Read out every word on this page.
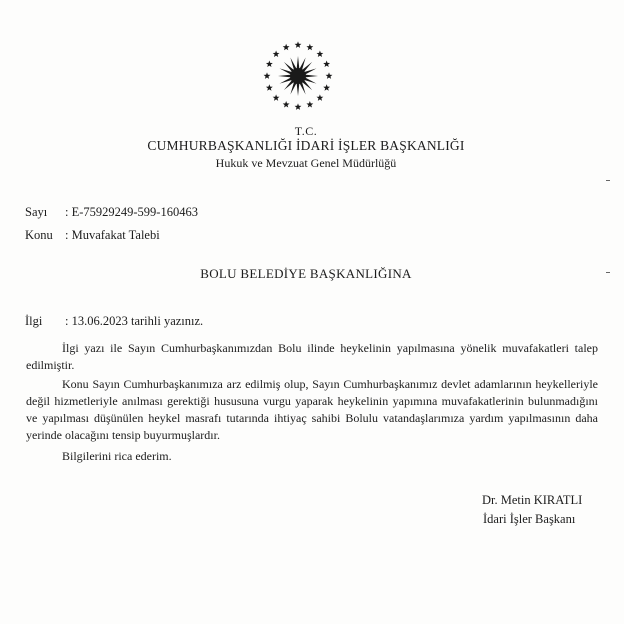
T.C.
CUMHURBAŞKANLIĞI İDARİ İŞLER BAŞKANLIĞI
Hukuk ve Mevzuat Genel Müdürlüğü
Sayı : E-75929249-599-160463
Konu : Muvafakat Talebi
BOLU BELEDİYE BAŞKANLIĞINA
İlgi : 13.06.2023 tarihli yazınız.
İlgi yazı ile Sayın Cumhurbaşkanımızdan Bolu ilinde heykelinin yapılmasına yönelik muvafakatleri talep edilmiştir.
Konu Sayın Cumhurbaşkanımıza arz edilmiş olup, Sayın Cumhurbaşkanımız devlet adamlarının heykelleriyle değil hizmetleriyle anılması gerektiği hususuna vurgu yaparak heykelinin yapımına muvafakatlerinin bulunmadığını ve yapılması düşünülen heykel masrafı tutarında ihtiyaç sahibi Bolulu vatandaşlarımıza yardım yapılmasının daha yerinde olacağını tensip buyurmuşlardır.
Bilgilerini rica ederim.
Dr. Metin KIRATLI
İdari İşler Başkanı
